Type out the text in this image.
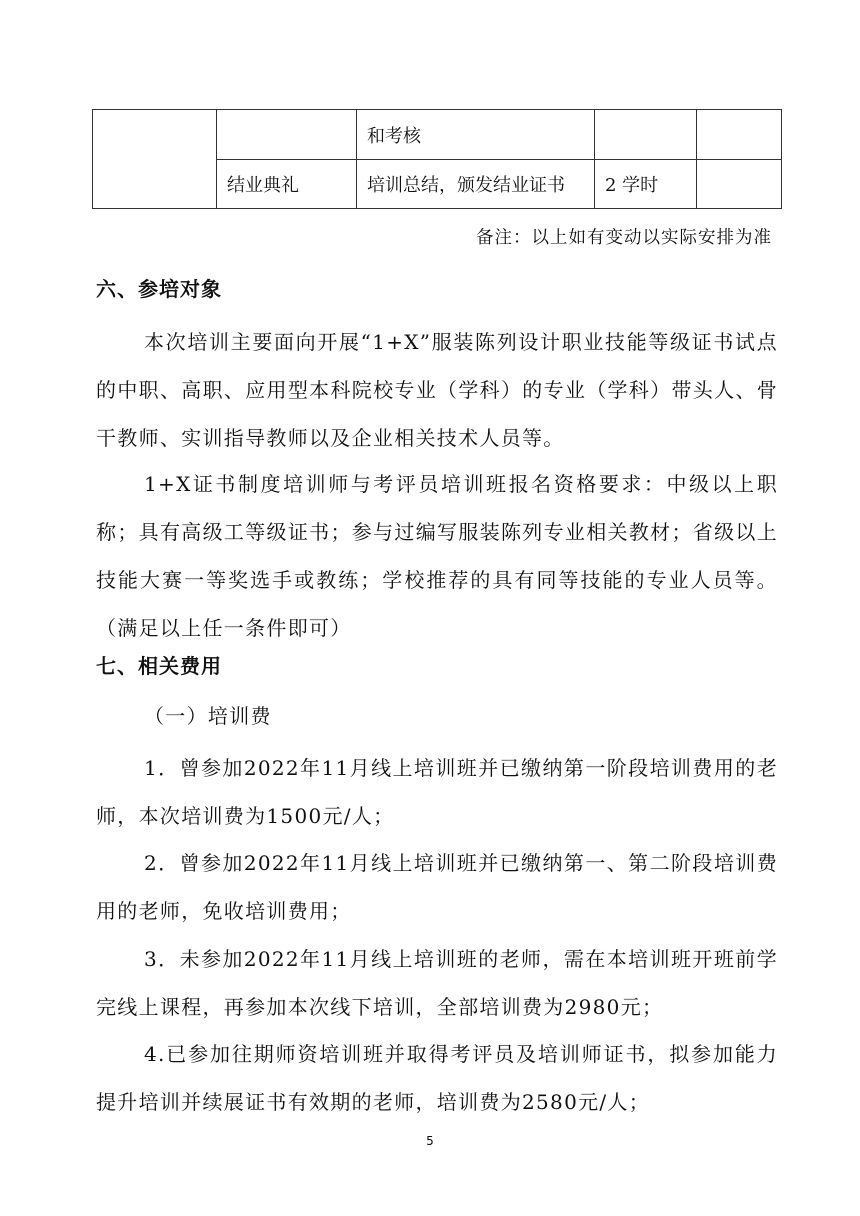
		和考核		
	结业典礼	培训总结，颁发结业证书	2 学时	
备注：以上如有变动以实际安排为准
六、参培对象
本次培训主要面向开展“1+X”服装陈列设计职业技能等级证书试点的中职、高职、应用型本科院校专业（学科）的专业（学科）带头人、骨干教师、实训指导教师以及企业相关技术人员等。
1+X证书制度培训师与考评员培训班报名资格要求：中级以上职称；具有高级工等级证书；参与过编写服装陈列专业相关教材；省级以上技能大赛一等奖选手或教练；学校推荐的具有同等技能的专业人员等。（满足以上任一条件即可）
七、相关费用
（一）培训费
1．曾参加2022年11月线上培训班并已缴纳第一阶段培训费用的老师，本次培训费为1500元/人；
2．曾参加2022年11月线上培训班并已缴纳第一、第二阶段培训费用的老师，免收培训费用；
3．未参加2022年11月线上培训班的老师，需在本培训班开班前学完线上课程，再参加本次线下培训，全部培训费为2980元；
4.已参加往期师资培训班并取得考评员及培训师证书，拟参加能力提升培训并续展证书有效期的老师，培训费为2580元/人；
5
